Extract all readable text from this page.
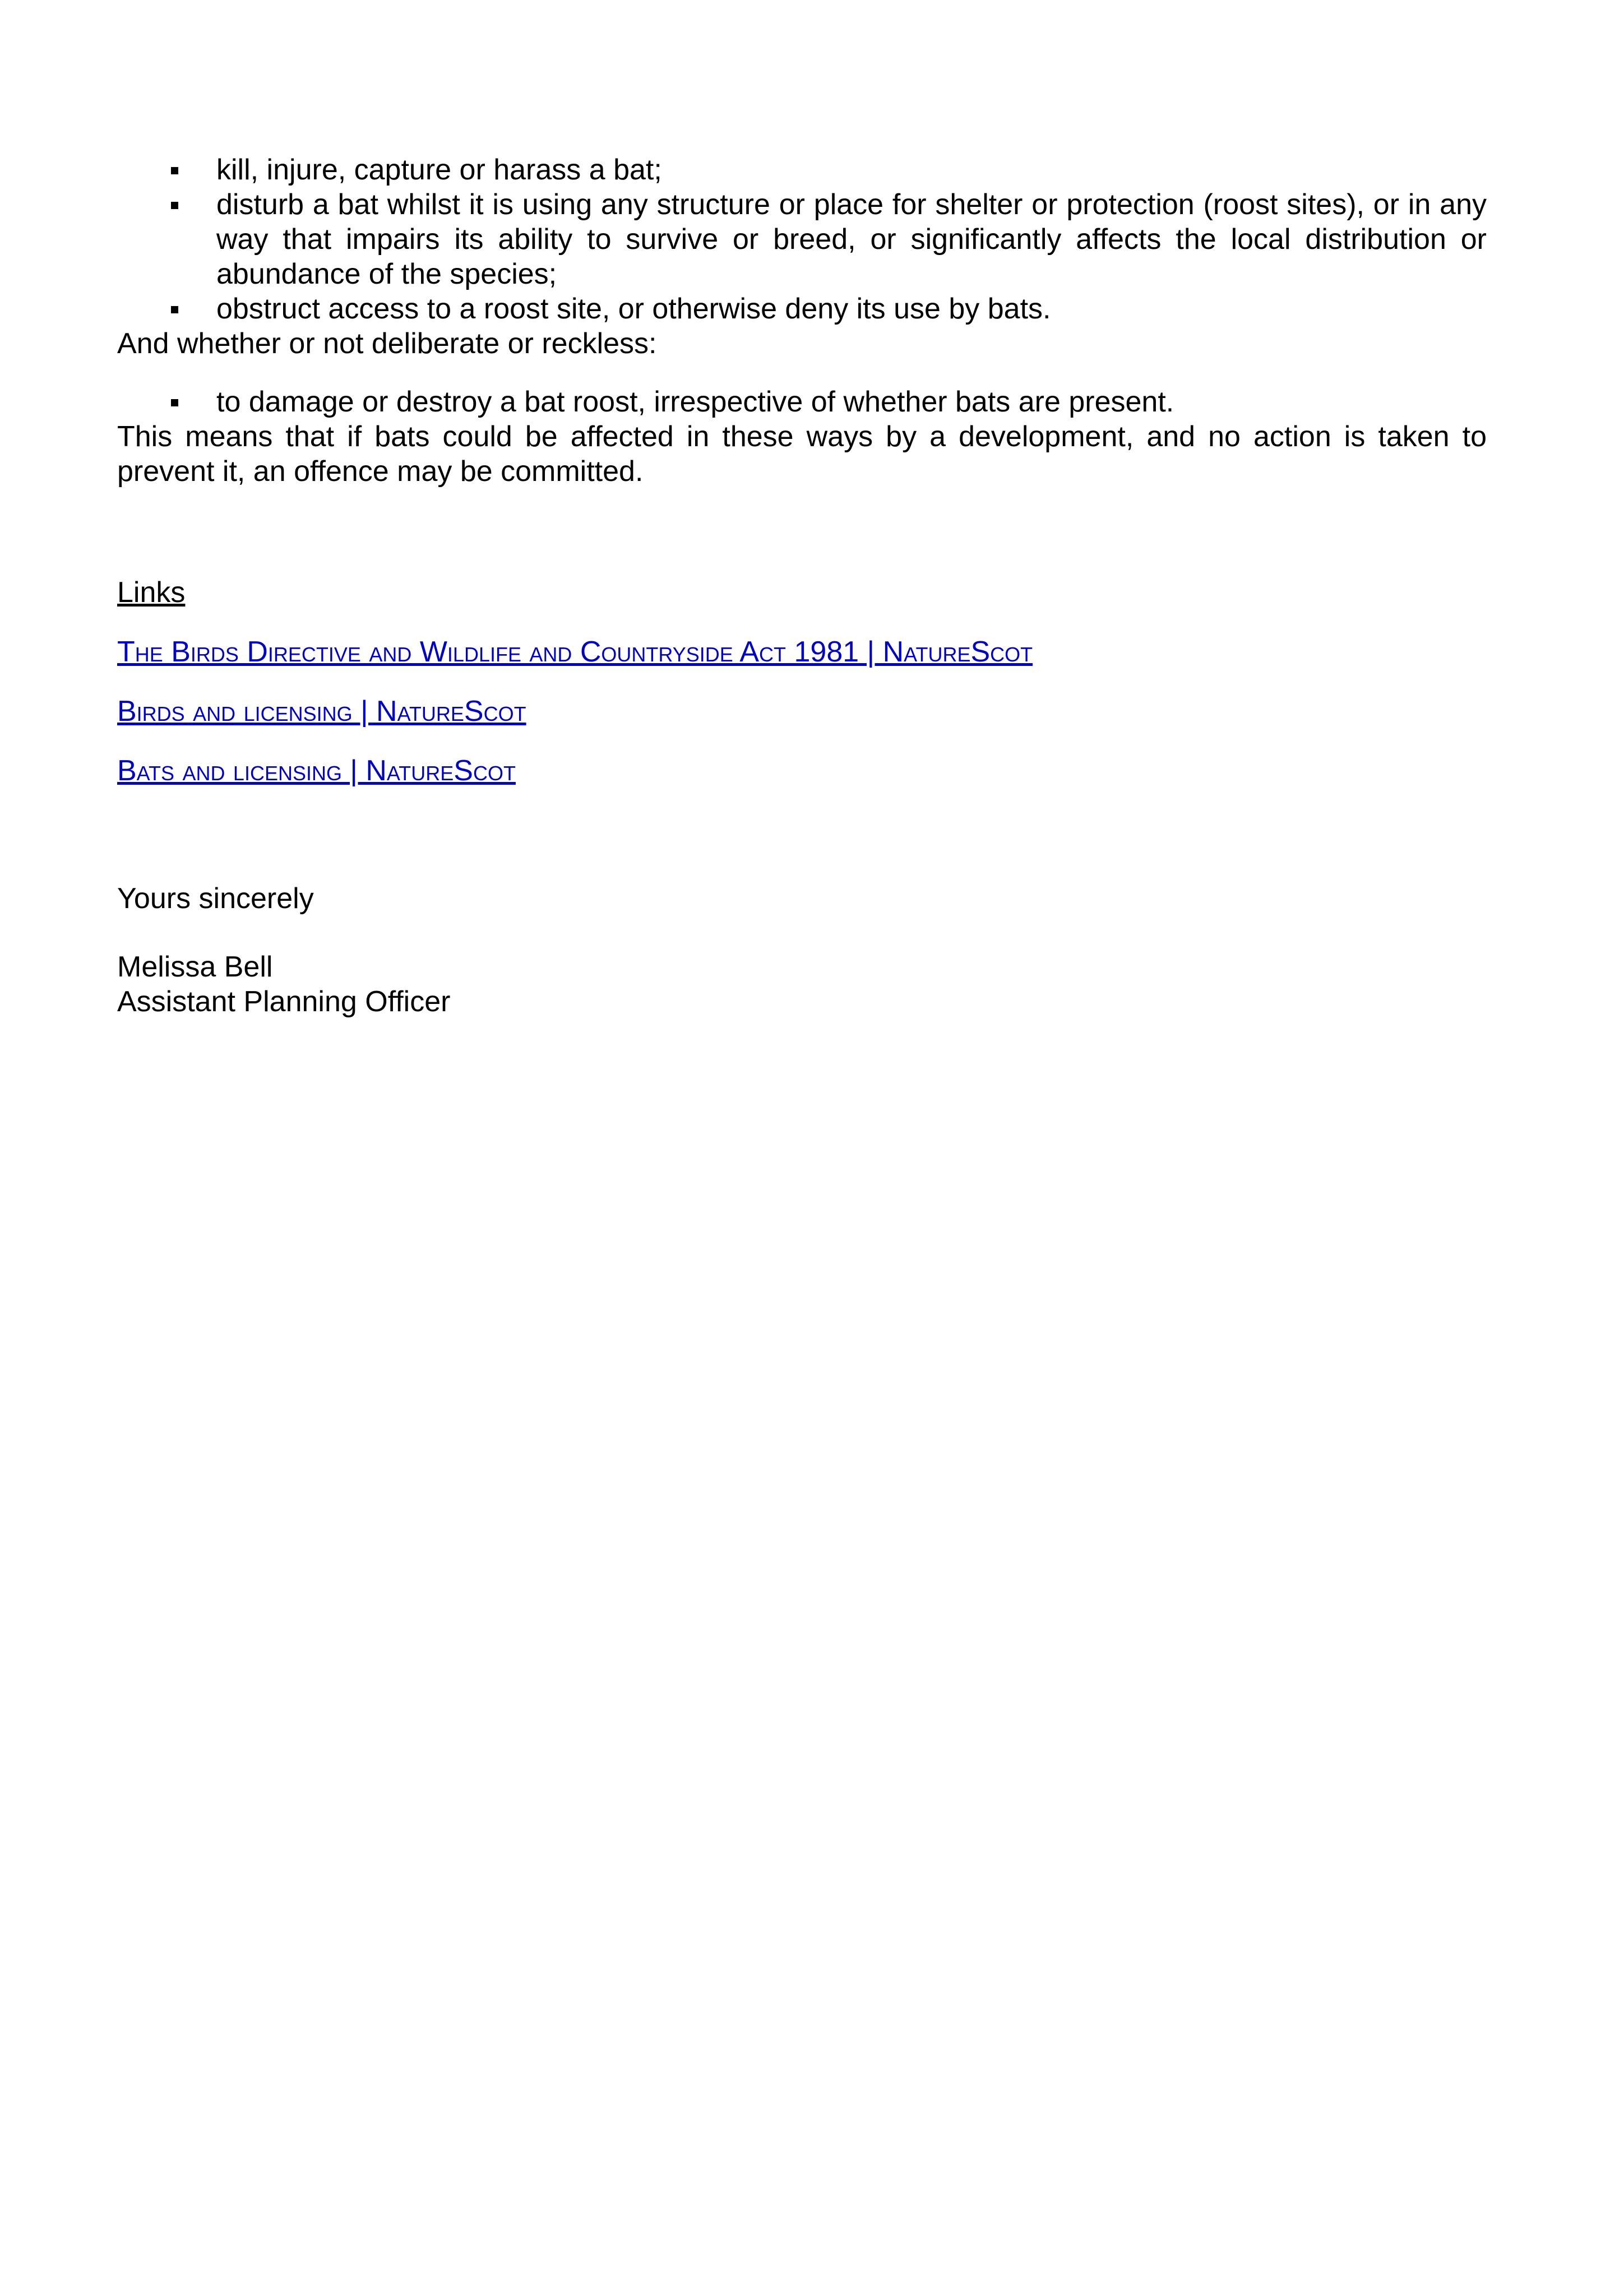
kill, injure, capture or harass a bat;
disturb a bat whilst it is using any structure or place for shelter or protection (roost sites), or in any way that impairs its ability to survive or breed, or significantly affects the local distribution or abundance of the species;
obstruct access to a roost site, or otherwise deny its use by bats.

And whether or not deliberate or reckless:

to damage or destroy a bat roost, irrespective of whether bats are present.

This means that if bats could be affected in these ways by a development, and no action is taken to prevent it, an offence may be committed.

Links

The Birds Directive and Wildlife and Countryside Act 1981 | NatureScot
Birds and licensing | NatureScot
Bats and licensing | NatureScot

Yours sincerely

Melissa Bell

Assistant Planning Officer
